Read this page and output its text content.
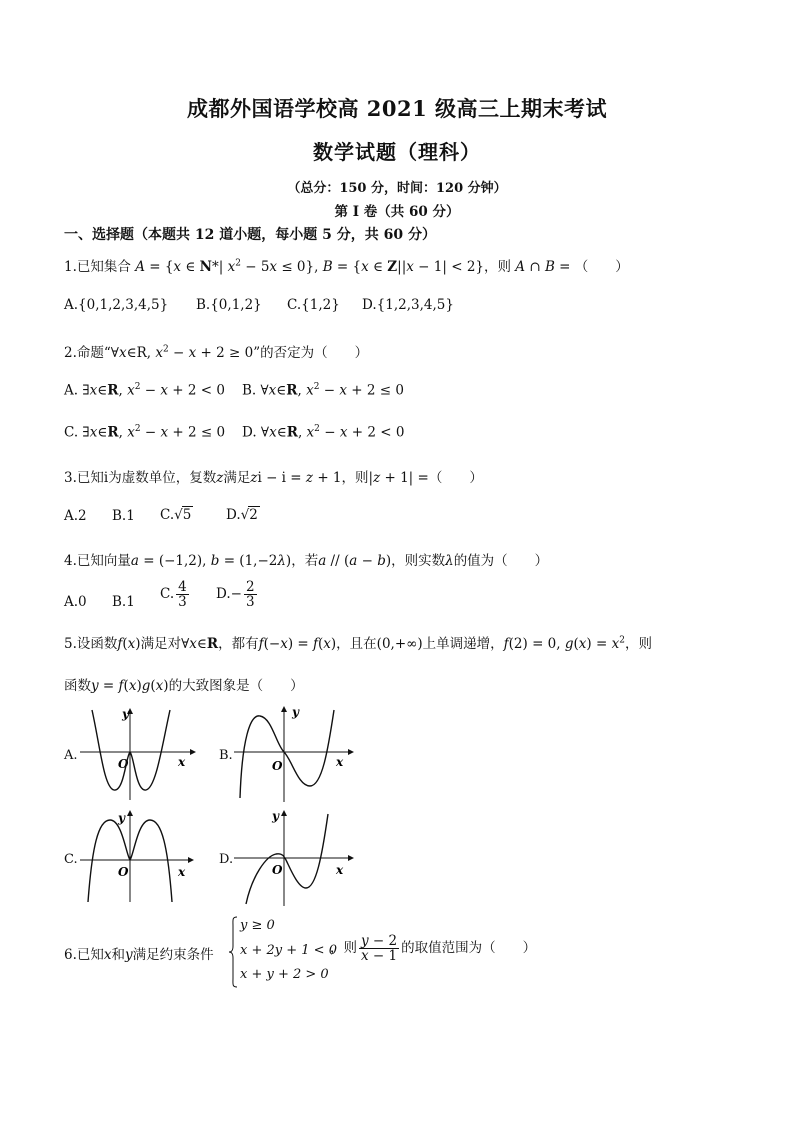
成都外国语学校高 2021 级高三上期末考试
数学试题（理科）
（总分：150 分，时间：120 分钟）
第 I 卷（共 60 分）
一、选择题（本题共 12 道小题，每小题 5 分，共 60 分）
1.已知集合 A = {x ∈ N*| $x^2 - 5x \le 0$}, B = {x ∈ Z||x − 1| < 2}，则 A ∩ B = （　　）
A.{0,1,2,3,4,5} B.{0,1,2} C.{1,2} D.{1,2,3,4,5}
2.命题“∀x∈R, $x^2 - x + 2 \ge 0$”的否定为（　　）
A. ∃x∈R, $x^2 - x + 2 < 0$ B. ∀x∈R, $x^2 - x + 2 \le 0$
C. ∃x∈R, $x^2 - x + 2 \le 0$ D. ∀x∈R, $x^2 - x + 2 < 0$
3.已知i为虚数单位，复数z满足zi − i = z + 1，则|z + 1| =（　　）
A.2 B.1 C.√5	D.√2
4.已知向量a = (−1,2), b = (1,−2λ)，若a // (a − b)，则实数λ的值为（　　）
A.0 B.1 C. $\frac{4}{3} D.- \frac{2}{3}$
5.设函数f(x)满足对∀x∈R，都有f(−x) = f(x)，且在(0,+∞)上单调递增，f(2) = 0, $g(x) = x^2$，则
函数y = f(x)g(x)的大致图象是（　　）
A.
y
x
O
B.
y
x
O
C.
y
x
O
D.
y
x
O
6.已知x和y满足约束条件
y ≥ 0
x + 2y + 1 < 0
x + y + 2 > 0
，则 $\frac{y - 2}{x - 1}$ 的取值范围为（　　）
